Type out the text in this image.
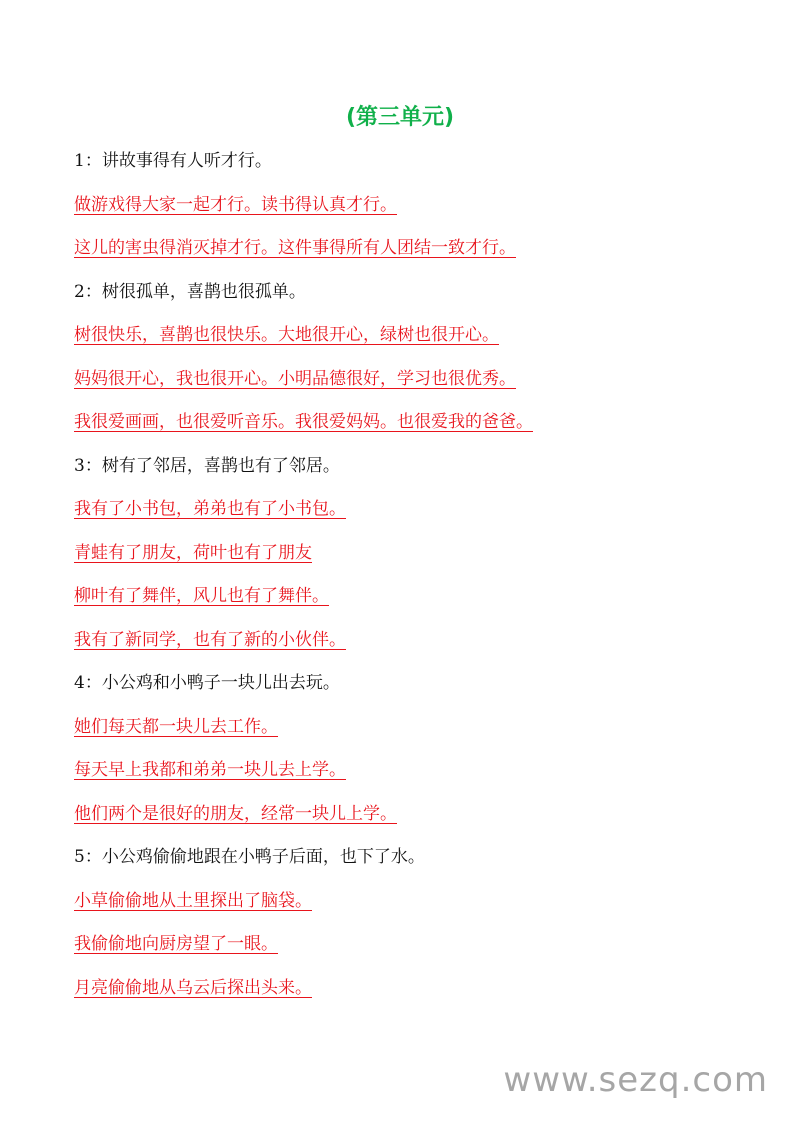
(第三单元)
1：讲故事得有人听才行。
做游戏得大家一起才行。读书得认真才行。
这儿的害虫得消灭掉才行。这件事得所有人团结一致才行。
2：树很孤单，喜鹊也很孤单。
树很快乐，喜鹊也很快乐。大地很开心，绿树也很开心。
妈妈很开心，我也很开心。小明品德很好，学习也很优秀。
我很爱画画，也很爱听音乐。我很爱妈妈。也很爱我的爸爸。
3：树有了邻居，喜鹊也有了邻居。
我有了小书包，弟弟也有了小书包。
青蛙有了朋友，荷叶也有了朋友
柳叶有了舞伴，风儿也有了舞伴。
我有了新同学，也有了新的小伙伴。
4：小公鸡和小鸭子一块儿出去玩。
她们每天都一块儿去工作。
每天早上我都和弟弟一块儿去上学。
他们两个是很好的朋友，经常一块儿上学。
5：小公鸡偷偷地跟在小鸭子后面，也下了水。
小草偷偷地从土里探出了脑袋。
我偷偷地向厨房望了一眼。
月亮偷偷地从乌云后探出头来。
www.sezq.com
